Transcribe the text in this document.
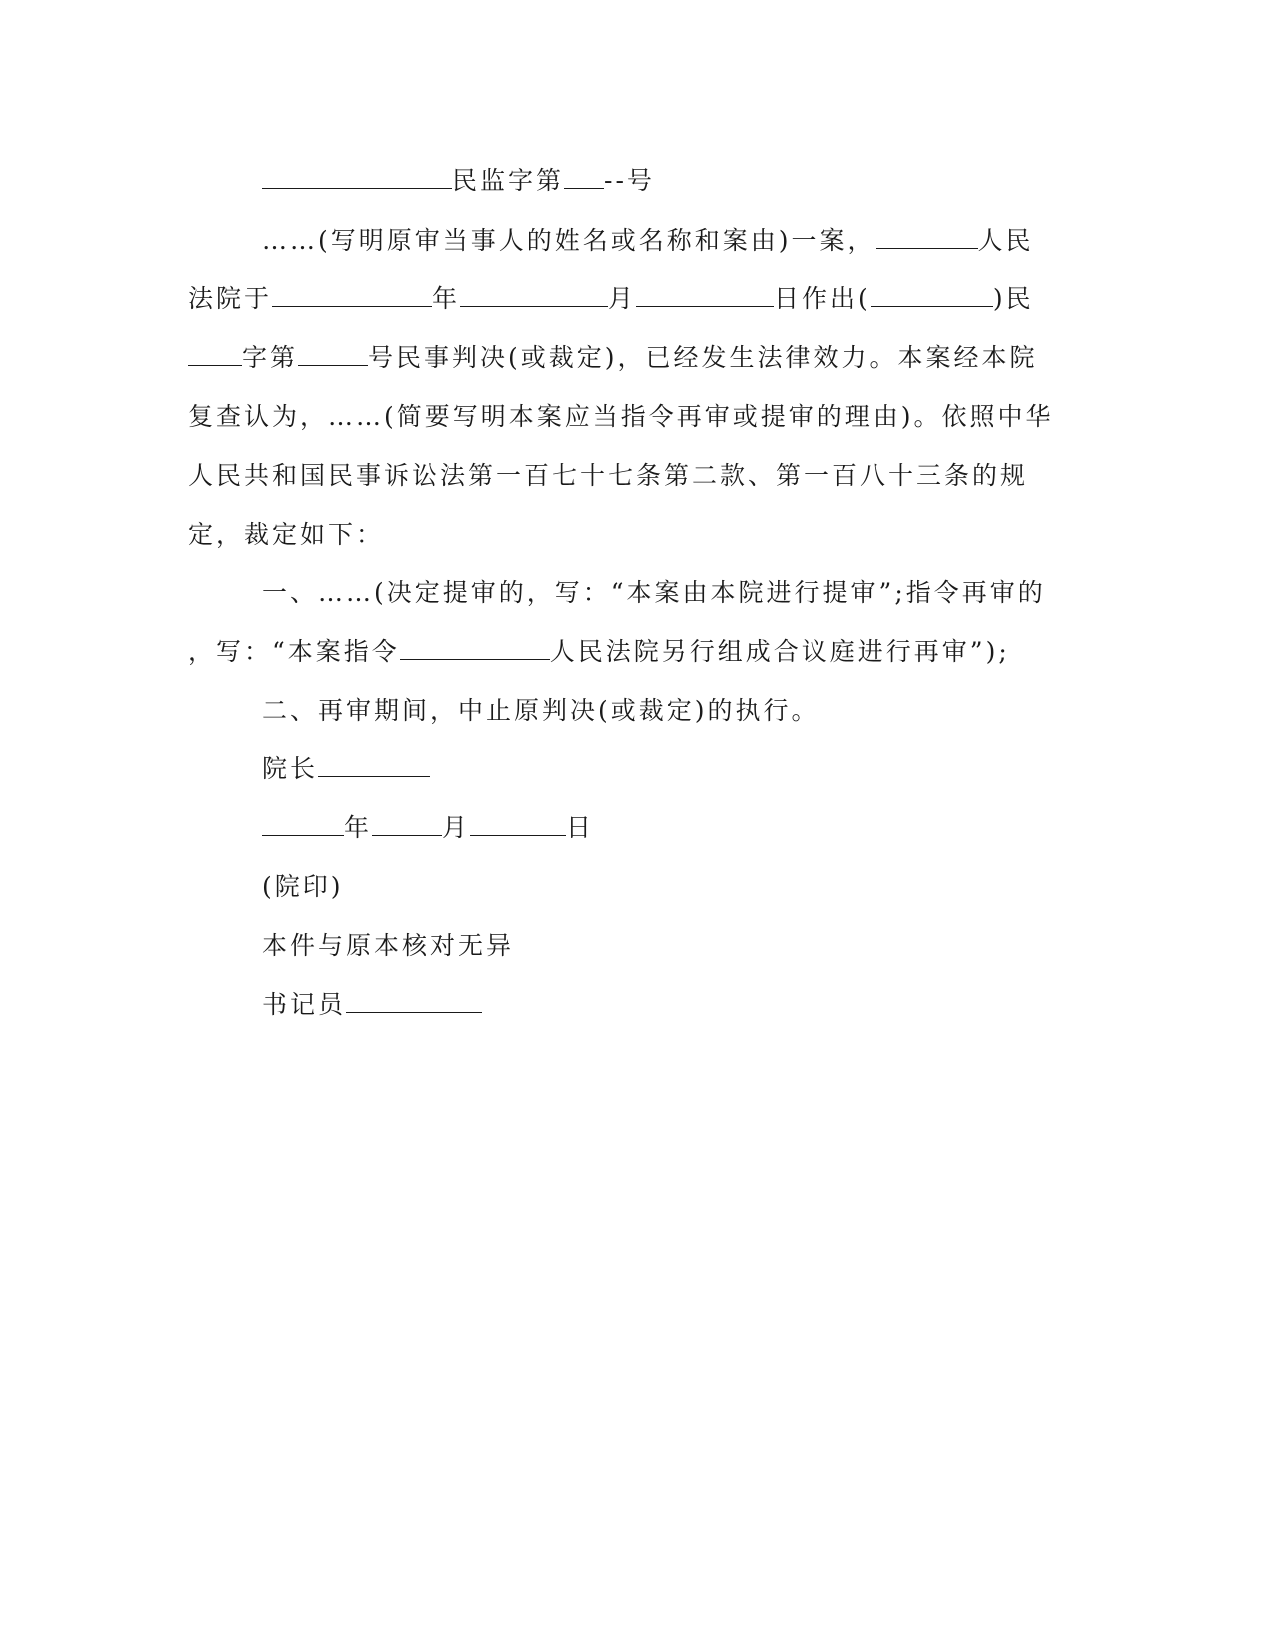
民监字第 --号
……(写明原审当事人的姓名或名称和案由)一案，	人民
法院于	年	月	日作出(	)民
字第	号民事判决(或裁定)，已经发生法律效力。本案经本院
复查认为，……(简要写明本案应当指令再审或提审的理由)。依照中华
人民共和国民事诉讼法第一百七十七条第二款、第一百八十三条的规
定，裁定如下：
一、……(决定提审的，写：“本案由本院进行提审”;指令再审的
，写：“本案指令	人民法院另行组成合议庭进行再审”);
二、再审期间，中止原判决(或裁定)的执行。
院长
年	月	日
(院印)
本件与原本核对无异
书记员
